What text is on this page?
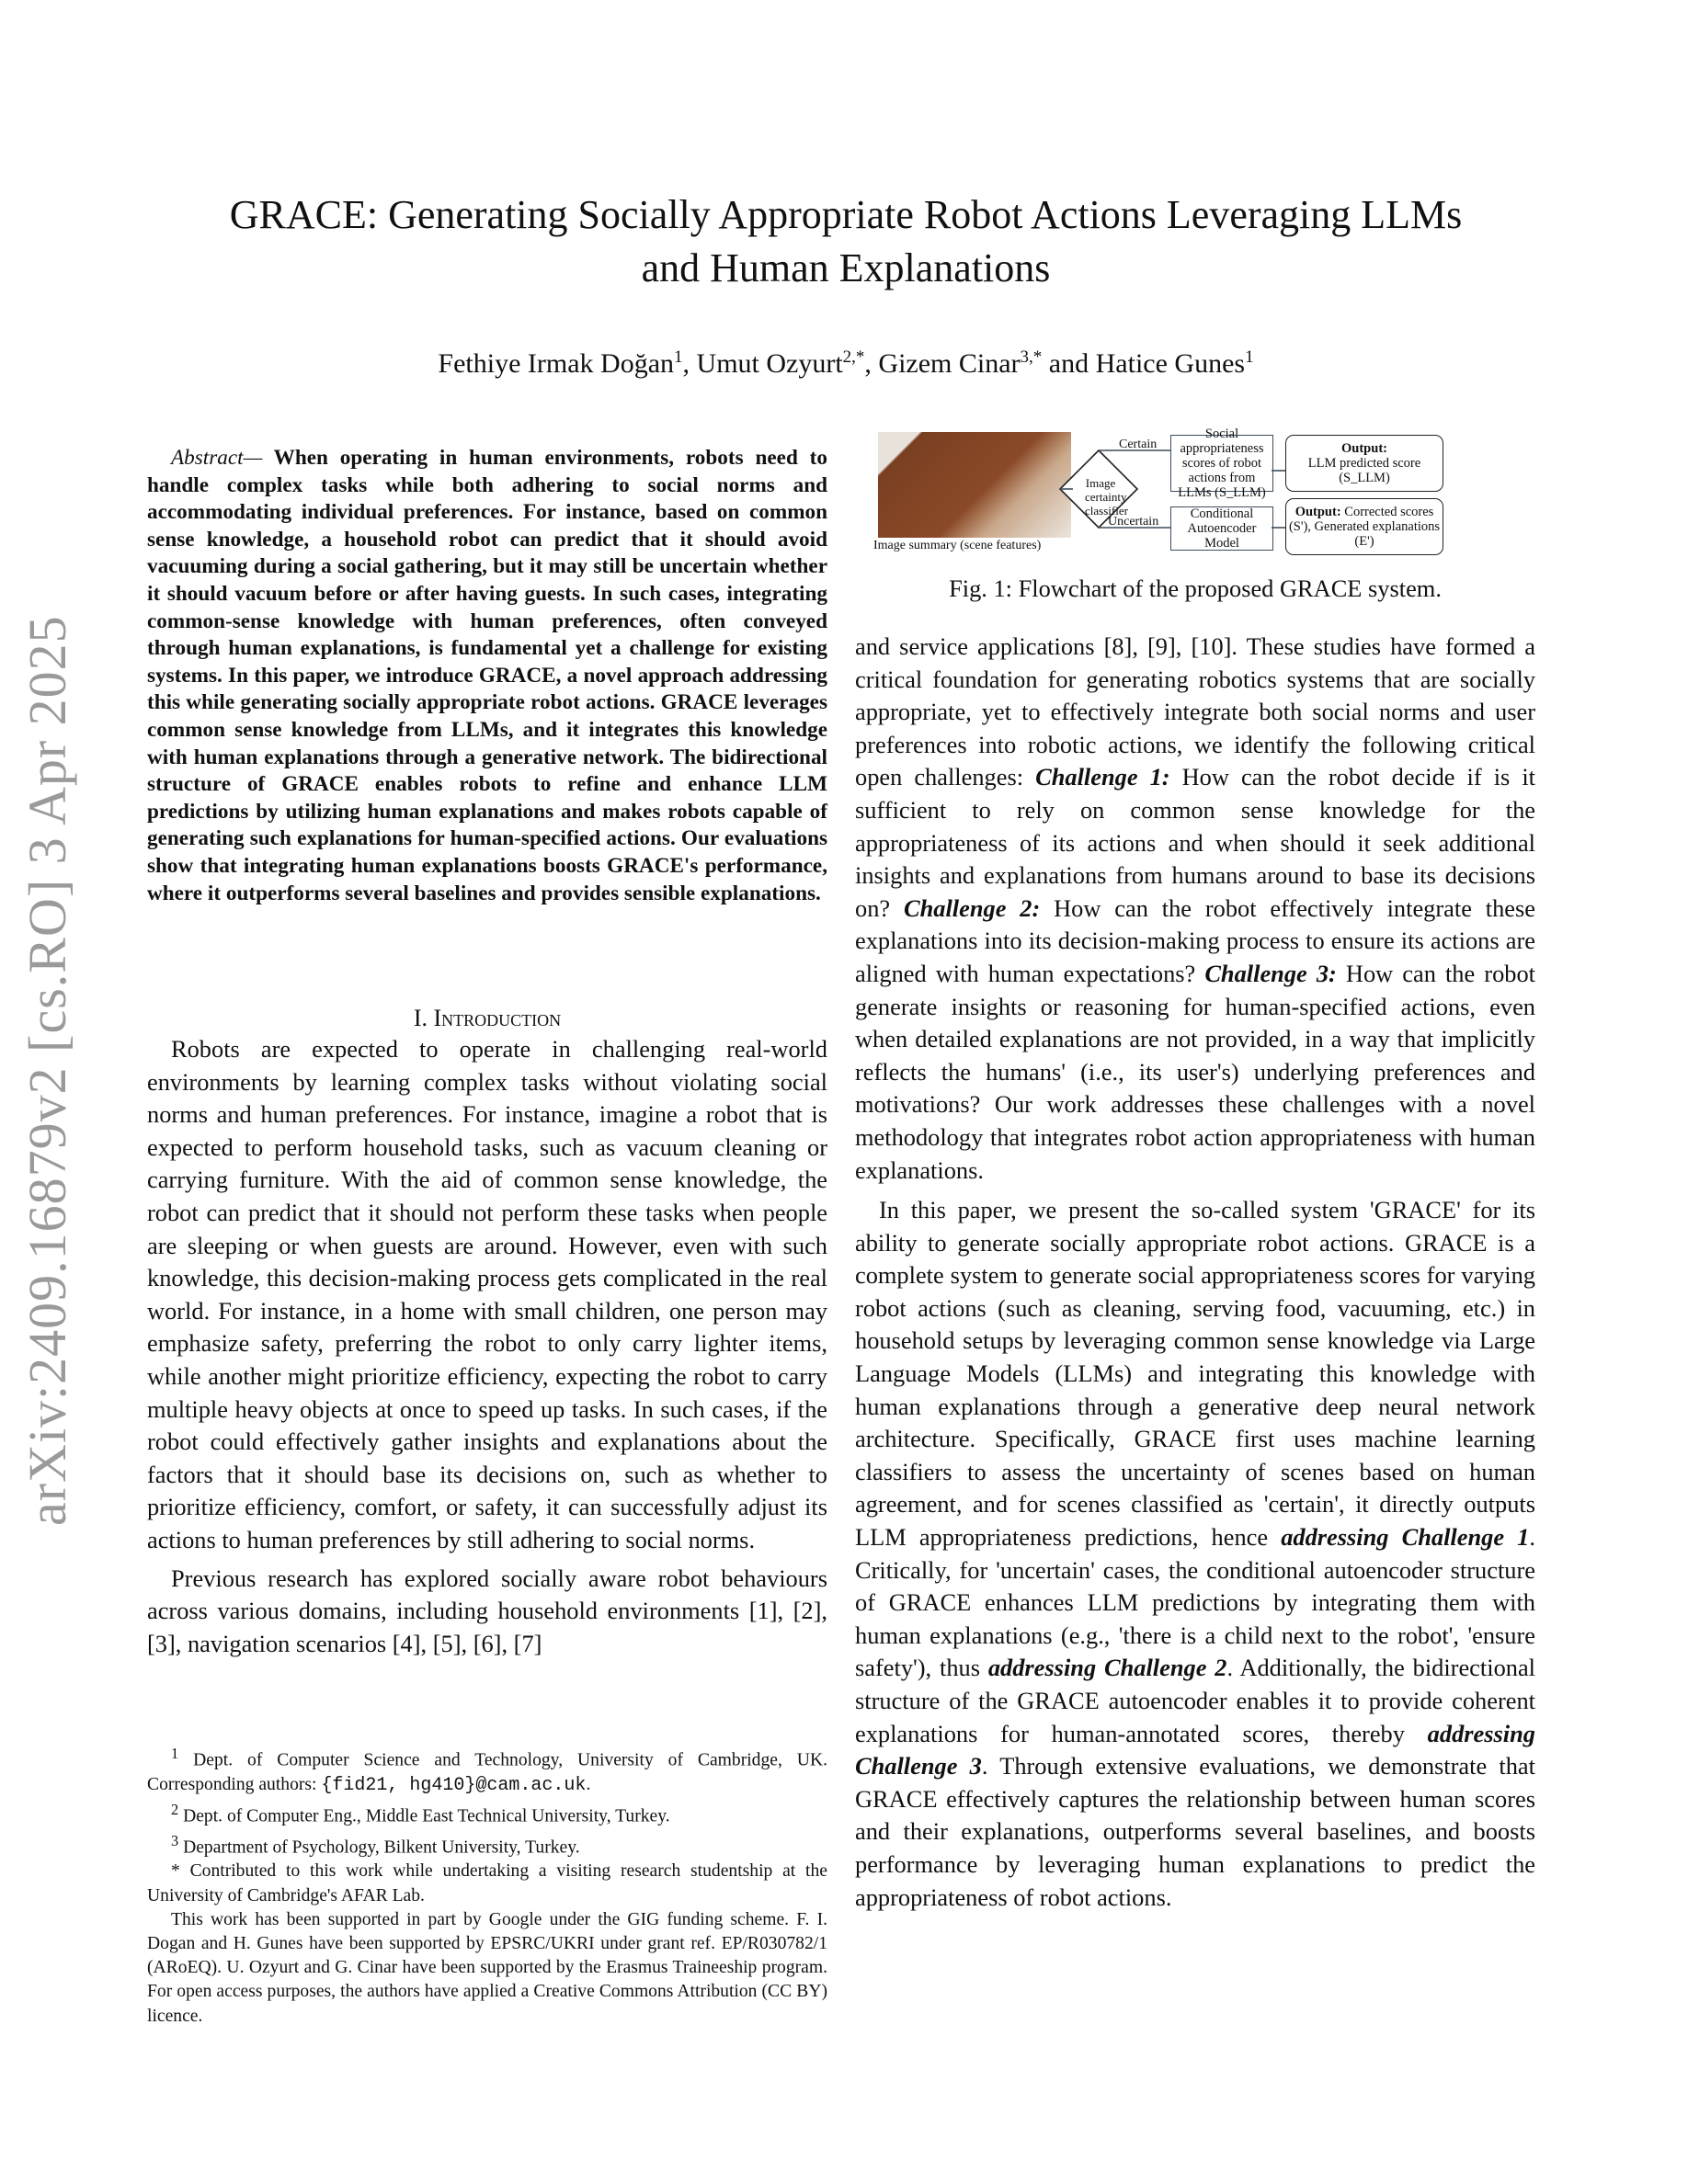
arXiv:2409.16879v2 [cs.RO] 3 Apr 2025
GRACE: Generating Socially Appropriate Robot Actions Leveraging LLMs
and Human Explanations
Fethiye Irmak Doğan$^1$, Umut Ozyurt$^{2,*}$, Gizem Cinar$^{3,*}$ and Hatice Gunes$^1$
Abstract— When operating in human environments, robots need to handle complex tasks while both adhering to social norms and accommodating individual preferences. For instance, based on common sense knowledge, a household robot can predict that it should avoid vacuuming during a social gathering, but it may still be uncertain whether it should vacuum before or after having guests. In such cases, integrating common-sense knowledge with human preferences, often conveyed through human explanations, is fundamental yet a challenge for existing systems. In this paper, we introduce GRACE, a novel approach addressing this while generating socially appropriate robot actions. GRACE leverages common sense knowledge from LLMs, and it integrates this knowledge with human explanations through a generative network. The bidirectional structure of GRACE enables robots to refine and enhance LLM predictions by utilizing human explanations and makes robots capable of generating such explanations for human-specified actions. Our evaluations show that integrating human explanations boosts GRACE's performance, where it outperforms several baselines and provides sensible explanations.
I. Introduction

Robots are expected to operate in challenging real-world environments by learning complex tasks without violating social norms and human preferences. For instance, imagine a robot that is expected to perform household tasks, such as vacuum cleaning or carrying furniture. With the aid of common sense knowledge, the robot can predict that it should not perform these tasks when people are sleeping or when guests are around. However, even with such knowledge, this decision-making process gets complicated in the real world. For instance, in a home with small children, one person may emphasize safety, preferring the robot to only carry lighter items, while another might prioritize efficiency, expecting the robot to carry multiple heavy objects at once to speed up tasks. In such cases, if the robot could effectively gather insights and explanations about the factors that it should base its decisions on, such as whether to prioritize efficiency, comfort, or safety, it can successfully adjust its actions to human preferences by still adhering to social norms.

Previous research has explored socially aware robot behaviours across various domains, including household environments [1], [2], [3], navigation scenarios [4], [5], [6], [7]

$^1$ Dept. of Computer Science and Technology, University of Cambridge, UK. Corresponding authors: {fid21, hg410}@cam.ac.uk.

$^2$ Dept. of Computer Eng., Middle East Technical University, Turkey.

$^3$ Department of Psychology, Bilkent University, Turkey.

* Contributed to this work while undertaking a visiting research studentship at the University of Cambridge's AFAR Lab.

This work has been supported in part by Google under the GIG funding scheme. F. I. Dogan and H. Gunes have been supported by EPSRC/UKRI under grant ref. EP/R030782/1 (ARoEQ). U. Ozyurt and G. Cinar have been supported by the Erasmus Traineeship program. For open access purposes, the authors have applied a Creative Commons Attribution (CC BY) licence.

Image summary (scene features)
Image certainty classifier
Certain
Uncertain
Social appropriateness scores of robot actions from LLMs (S_LLM)
Conditional Autoencoder Model
Output:
LLM predicted score (S_LLM)
Output: Corrected scores (S'), Generated explanations (E')
Fig. 1: Flowchart of the proposed GRACE system.

and service applications [8], [9], [10]. These studies have formed a critical foundation for generating robotics systems that are socially appropriate, yet to effectively integrate both social norms and user preferences into robotic actions, we identify the following critical open challenges: Challenge 1: How can the robot decide if is it sufficient to rely on common sense knowledge for the appropriateness of its actions and when should it seek additional insights and explanations from humans around to base its decisions on? Challenge 2: How can the robot effectively integrate these explanations into its decision-making process to ensure its actions are aligned with human expectations? Challenge 3: How can the robot generate insights or reasoning for human-specified actions, even when detailed explanations are not provided, in a way that implicitly reflects the humans' (i.e., its user's) underlying preferences and motivations? Our work addresses these challenges with a novel methodology that integrates robot action appropriateness with human explanations.

In this paper, we present the so-called system 'GRACE' for its ability to generate socially appropriate robot actions. GRACE is a complete system to generate social appropriateness scores for varying robot actions (such as cleaning, serving food, vacuuming, etc.) in household setups by leveraging common sense knowledge via Large Language Models (LLMs) and integrating this knowledge with human explanations through a generative deep neural network architecture. Specifically, GRACE first uses machine learning classifiers to assess the uncertainty of scenes based on human agreement, and for scenes classified as 'certain', it directly outputs LLM appropriateness predictions, hence addressing Challenge 1. Critically, for 'uncertain' cases, the conditional autoencoder structure of GRACE enhances LLM predictions by integrating them with human explanations (e.g., 'there is a child next to the robot', 'ensure safety'), thus addressing Challenge 2. Additionally, the bidirectional structure of the GRACE autoencoder enables it to provide coherent explanations for human-annotated scores, thereby addressing Challenge 3. Through extensive evaluations, we demonstrate that GRACE effectively captures the relationship between human scores and their explanations, outperforms several baselines, and boosts performance by leveraging human explanations to predict the appropriateness of robot actions.
